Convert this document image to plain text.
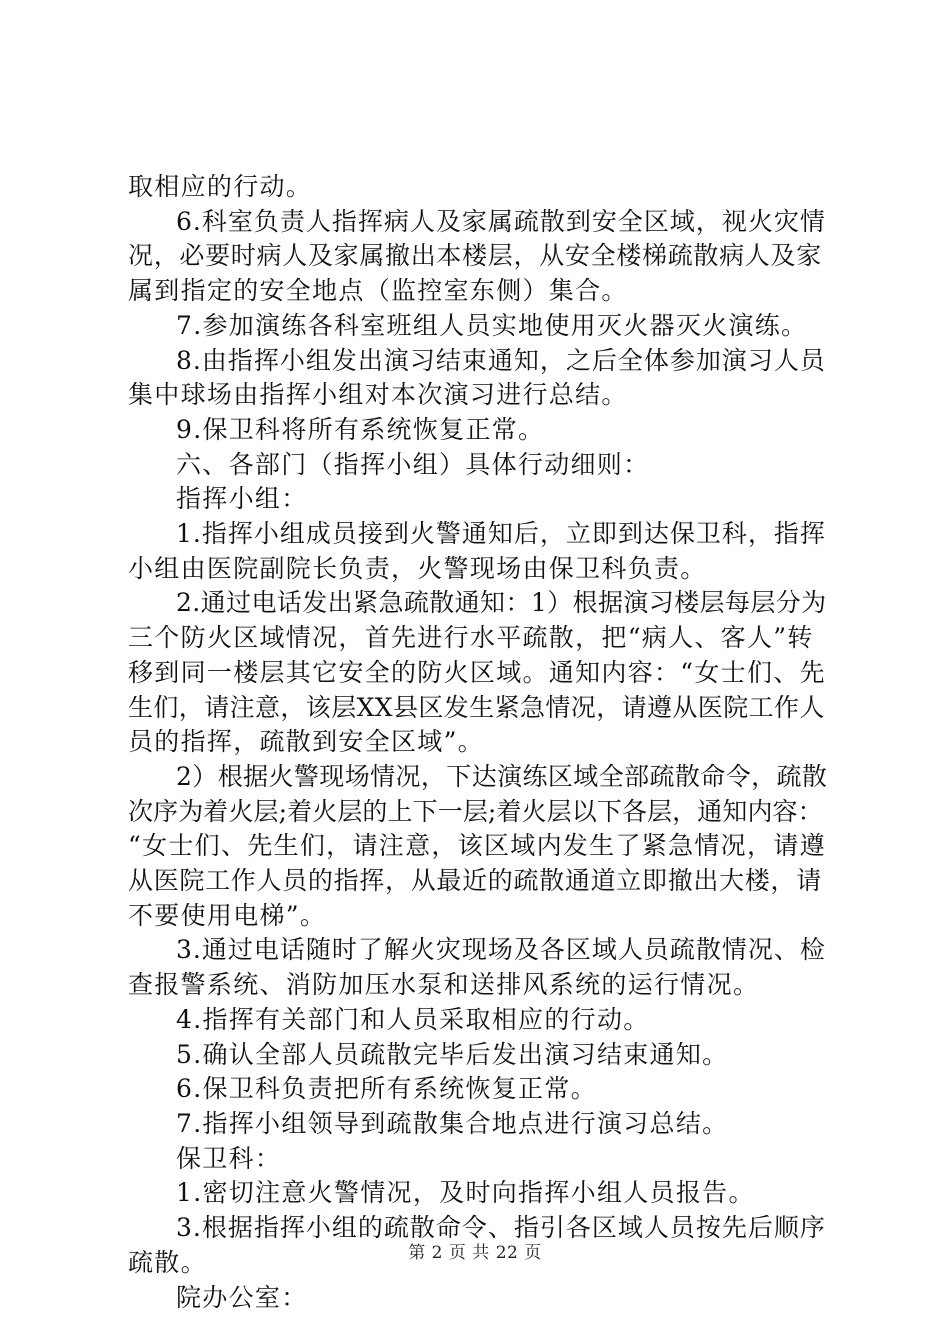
取相应的行动。
6.科室负责人指挥病人及家属疏散到安全区域，视火灾情
况，必要时病人及家属撤出本楼层，从安全楼梯疏散病人及家
属到指定的安全地点（监控室东侧）集合。
7.参加演练各科室班组人员实地使用灭火器灭火演练。
8.由指挥小组发出演习结束通知，之后全体参加演习人员
集中球场由指挥小组对本次演习进行总结。
9.保卫科将所有系统恢复正常。
六、各部门（指挥小组）具体行动细则：
指挥小组：
1.指挥小组成员接到火警通知后，立即到达保卫科，指挥
小组由医院副院长负责，火警现场由保卫科负责。
2.通过电话发出紧急疏散通知：1）根据演习楼层每层分为
三个防火区域情况，首先进行水平疏散，把“病人、客人”转
移到同一楼层其它安全的防火区域。通知内容：“女士们、先
生们，请注意，该层XX县区发生紧急情况，请遵从医院工作人
员的指挥，疏散到安全区域”。
2）根据火警现场情况，下达演练区域全部疏散命令，疏散
次序为着火层;着火层的上下一层;着火层以下各层，通知内容：
“女士们、先生们，请注意，该区域内发生了紧急情况，请遵
从医院工作人员的指挥，从最近的疏散通道立即撤出大楼，请
不要使用电梯”。
3.通过电话随时了解火灾现场及各区域人员疏散情况、检
查报警系统、消防加压水泵和送排风系统的运行情况。
4.指挥有关部门和人员采取相应的行动。
5.确认全部人员疏散完毕后发出演习结束通知。
6.保卫科负责把所有系统恢复正常。
7.指挥小组领导到疏散集合地点进行演习总结。
保卫科：
1.密切注意火警情况，及时向指挥小组人员报告。
3.根据指挥小组的疏散命令、指引各区域人员按先后顺序
疏散。
院办公室：
第 2 页 共 22 页
